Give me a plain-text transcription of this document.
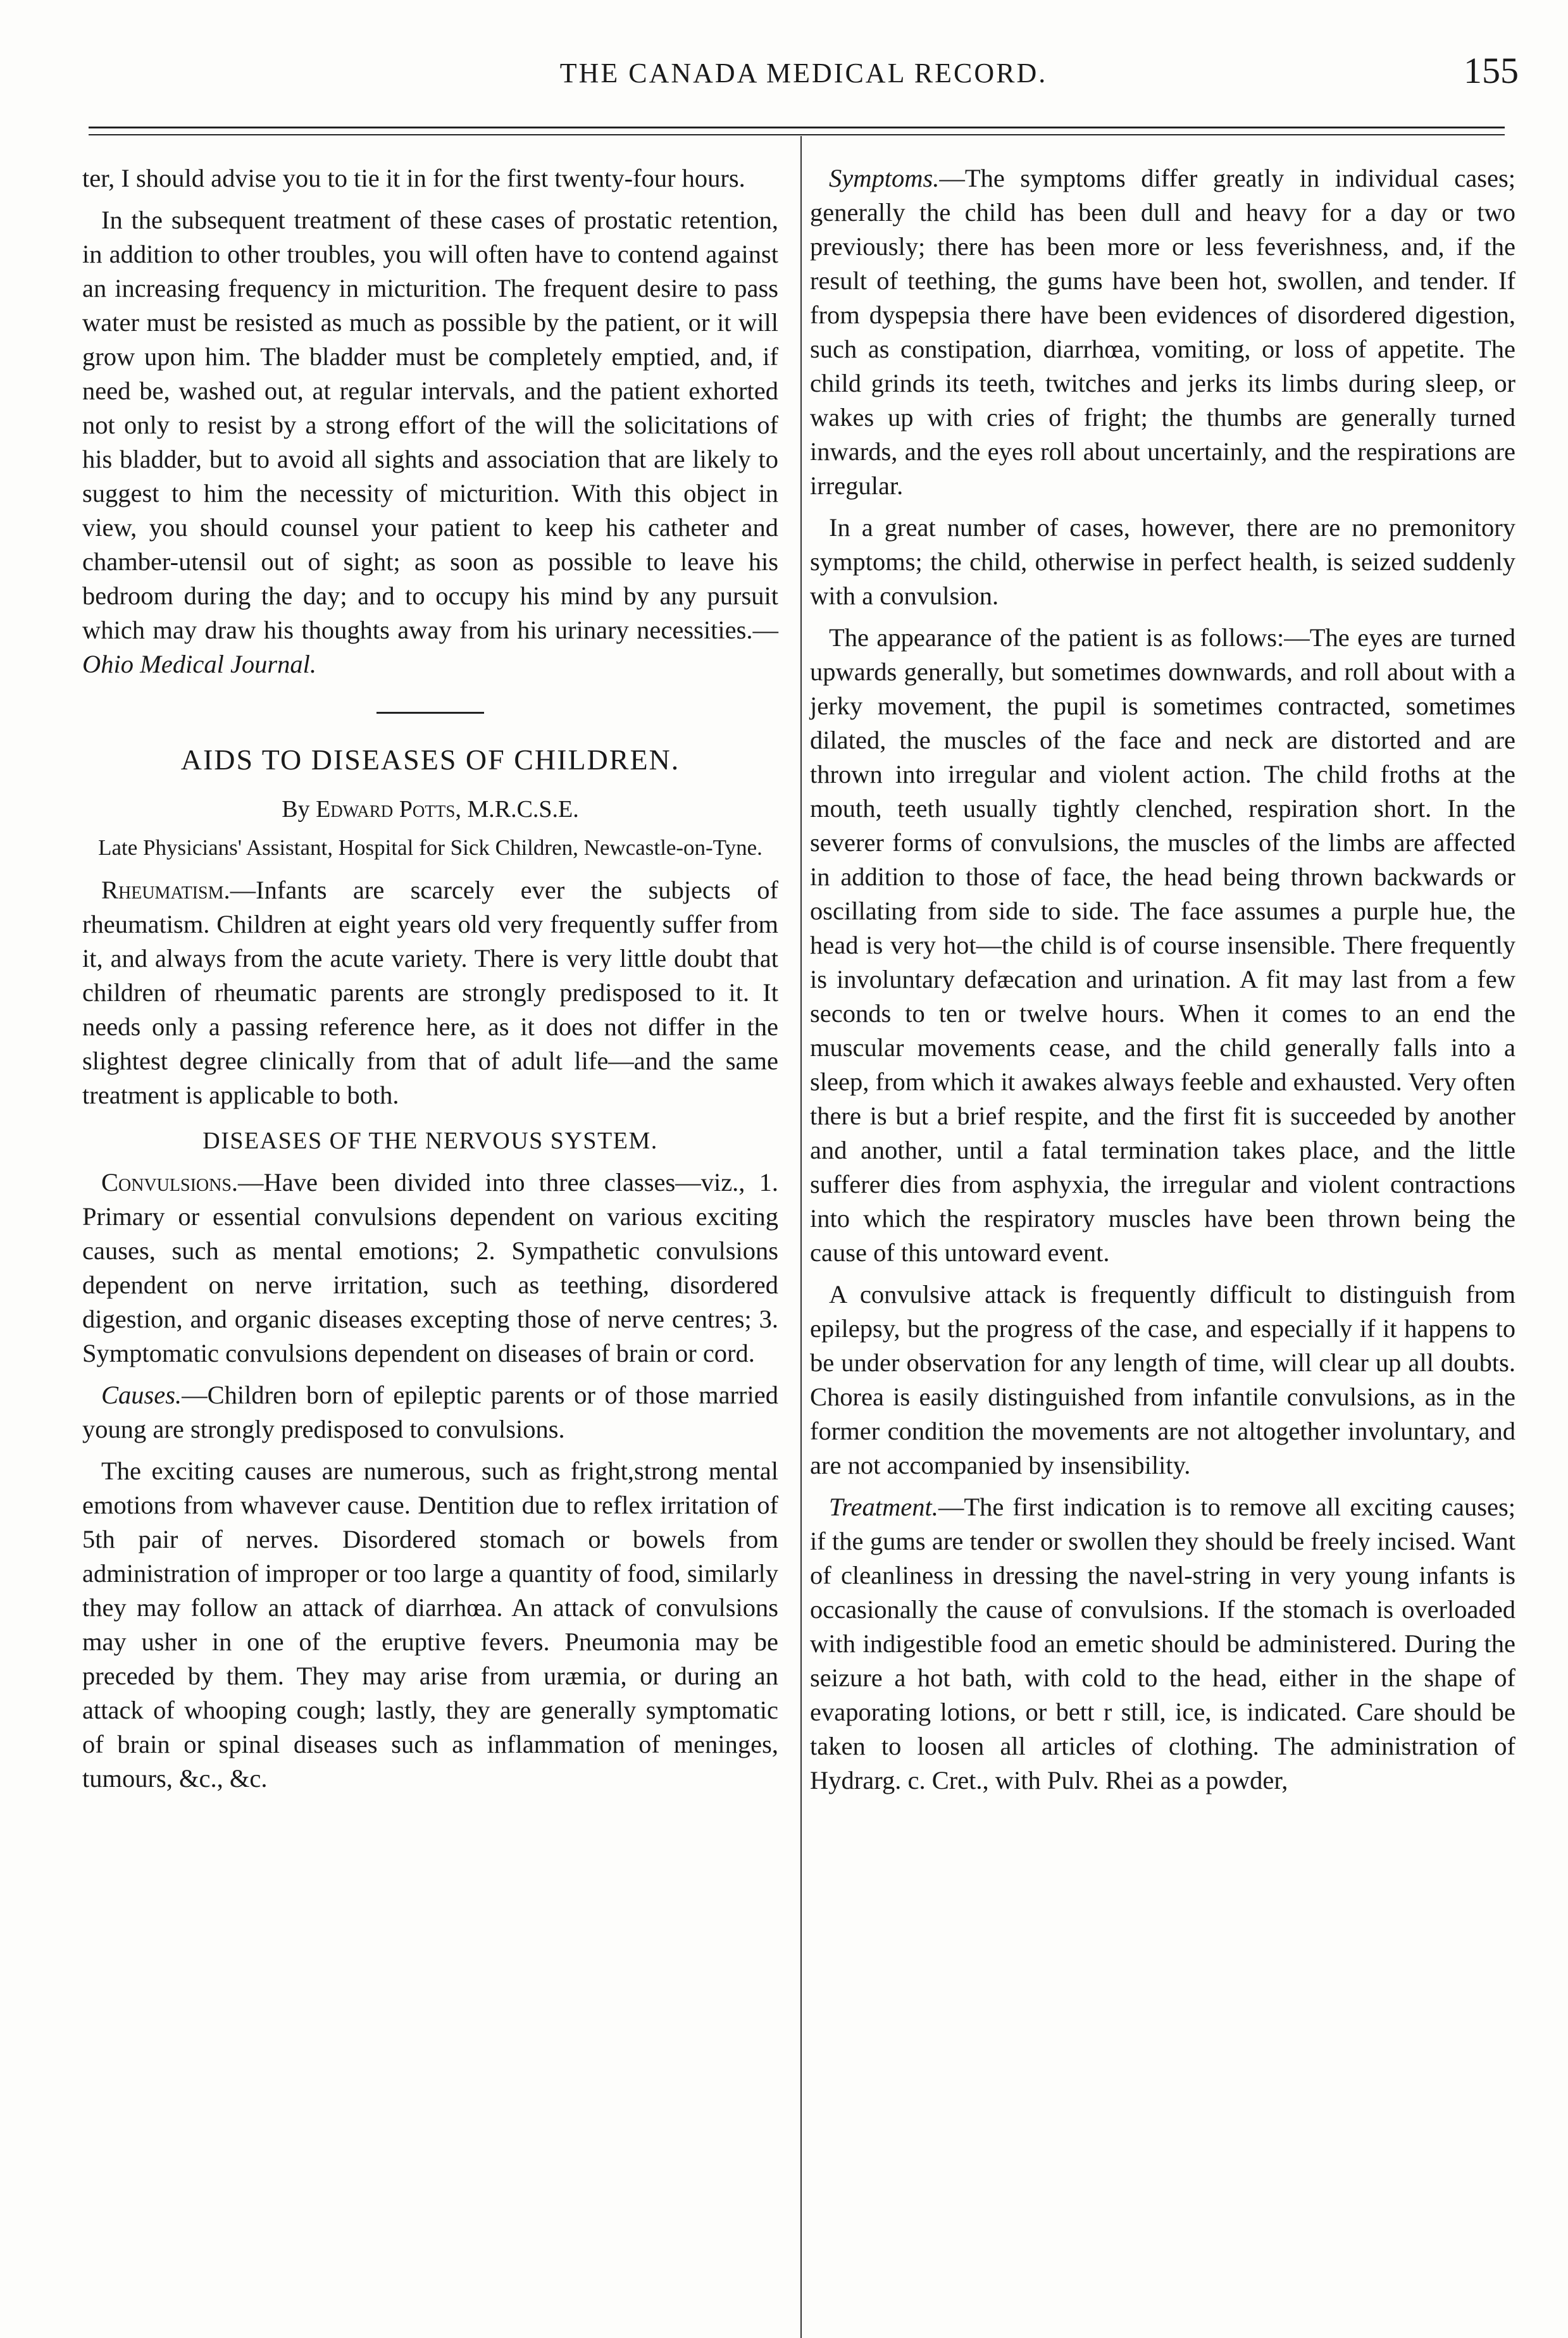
THE CANADA MEDICAL RECORD.	155

ter, I should advise you to tie it in for the first twenty-four hours.

In the subsequent treatment of these cases of prostatic retention, in addition to other troubles, you will often have to contend against an increasing frequency in micturition. The frequent desire to pass water must be resisted as much as possible by the patient, or it will grow upon him. The bladder must be completely emptied, and, if need be, washed out, at regular intervals, and the patient exhorted not only to resist by a strong effort of the will the solicitations of his bladder, but to avoid all sights and association that are likely to suggest to him the necessity of micturition. With this object in view, you should counsel your patient to keep his catheter and chamber-utensil out of sight; as soon as possible to leave his bedroom during the day; and to occupy his mind by any pursuit which may draw his thoughts away from his urinary necessities.—Ohio Medical Journal.

AIDS TO DISEASES OF CHILDREN.
By Edward Potts, M.R.C.S.E.
Late Physicians' Assistant, Hospital for Sick Children, Newcastle-on-Tyne.

Rheumatism.—Infants are scarcely ever the subjects of rheumatism. Children at eight years old very frequently suffer from it, and always from the acute variety. There is very little doubt that children of rheumatic parents are strongly predisposed to it. It needs only a passing reference here, as it does not differ in the slightest degree clinically from that of adult life—and the same treatment is applicable to both.

DISEASES OF THE NERVOUS SYSTEM.

Convulsions.—Have been divided into three classes—viz., 1. Primary or essential convulsions dependent on various exciting causes, such as mental emotions; 2. Sympathetic convulsions dependent on nerve irritation, such as teething, disordered digestion, and organic diseases excepting those of nerve centres; 3. Symptomatic convulsions dependent on diseases of brain or cord.

Causes.—Children born of epileptic parents or of those married young are strongly predisposed to convulsions.

The exciting causes are numerous, such as fright,strong mental emotions from whavever cause. Dentition due to reflex irritation of 5th pair of nerves. Disordered stomach or bowels from administration of improper or too large a quantity of food, similarly they may follow an attack of diarrhœa. An attack of convulsions may usher in one of the eruptive fevers. Pneumonia may be preceded by them. They may arise from uræmia, or during an attack of whooping cough; lastly, they are generally symptomatic of brain or spinal diseases such as inflammation of meninges, tumours, &c., &c.

Symptoms.—The symptoms differ greatly in individual cases; generally the child has been dull and heavy for a day or two previously; there has been more or less feverishness, and, if the result of teething, the gums have been hot, swollen, and tender. If from dyspepsia there have been evidences of disordered digestion, such as constipation, diarrhœa, vomiting, or loss of appetite. The child grinds its teeth, twitches and jerks its limbs during sleep, or wakes up with cries of fright; the thumbs are generally turned inwards, and the eyes roll about uncertainly, and the respirations are irregular.

In a great number of cases, however, there are no premonitory symptoms; the child, otherwise in perfect health, is seized suddenly with a convulsion.

The appearance of the patient is as follows:—The eyes are turned upwards generally, but sometimes downwards, and roll about with a jerky movement, the pupil is sometimes contracted, sometimes dilated, the muscles of the face and neck are distorted and are thrown into irregular and violent action. The child froths at the mouth, teeth usually tightly clenched, respiration short. In the severer forms of convulsions, the muscles of the limbs are affected in addition to those of face, the head being thrown backwards or oscillating from side to side. The face assumes a purple hue, the head is very hot—the child is of course insensible. There frequently is involuntary defæcation and urination. A fit may last from a few seconds to ten or twelve hours. When it comes to an end the muscular movements cease, and the child generally falls into a sleep, from which it awakes always feeble and exhausted. Very often there is but a brief respite, and the first fit is succeeded by another and another, until a fatal termination takes place, and the little sufferer dies from asphyxia, the irregular and violent contractions into which the respiratory muscles have been thrown being the cause of this untoward event.

A convulsive attack is frequently difficult to distinguish from epilepsy, but the progress of the case, and especially if it happens to be under observation for any length of time, will clear up all doubts. Chorea is easily distinguished from infantile convulsions, as in the former condition the movements are not altogether involuntary, and are not accompanied by insensibility.

Treatment.—The first indication is to remove all exciting causes; if the gums are tender or swollen they should be freely incised. Want of cleanliness in dressing the navel-string in very young infants is occasionally the cause of convulsions. If the stomach is overloaded with indigestible food an emetic should be administered. During the seizure a hot bath, with cold to the head, either in the shape of evaporating lotions, or bett r still, ice, is indicated. Care should be taken to loosen all articles of clothing. The administration of Hydrarg. c. Cret., with Pulv. Rhei as a powder,
